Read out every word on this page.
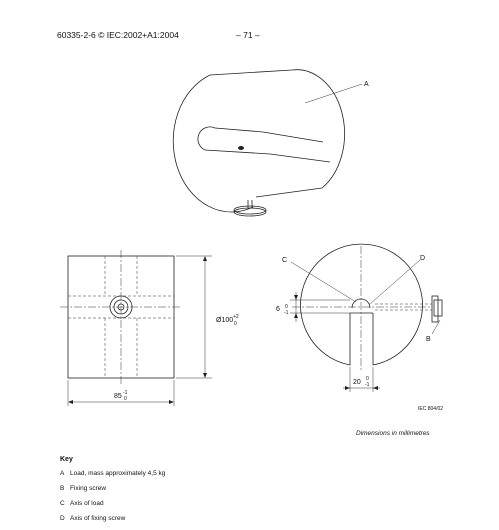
60335-2-6 © IEC:2002+A1:2004	– 71 –
A
85 -1
0
Ø100 +2
0
C	D
B
6 0
-1
20 0
-1
IEC 804/02
Dimensions in millimetres
Key
A Load, mass approximately 4,5 kg
B Fixing screw
C Axis of load
D Axis of fixing screw
